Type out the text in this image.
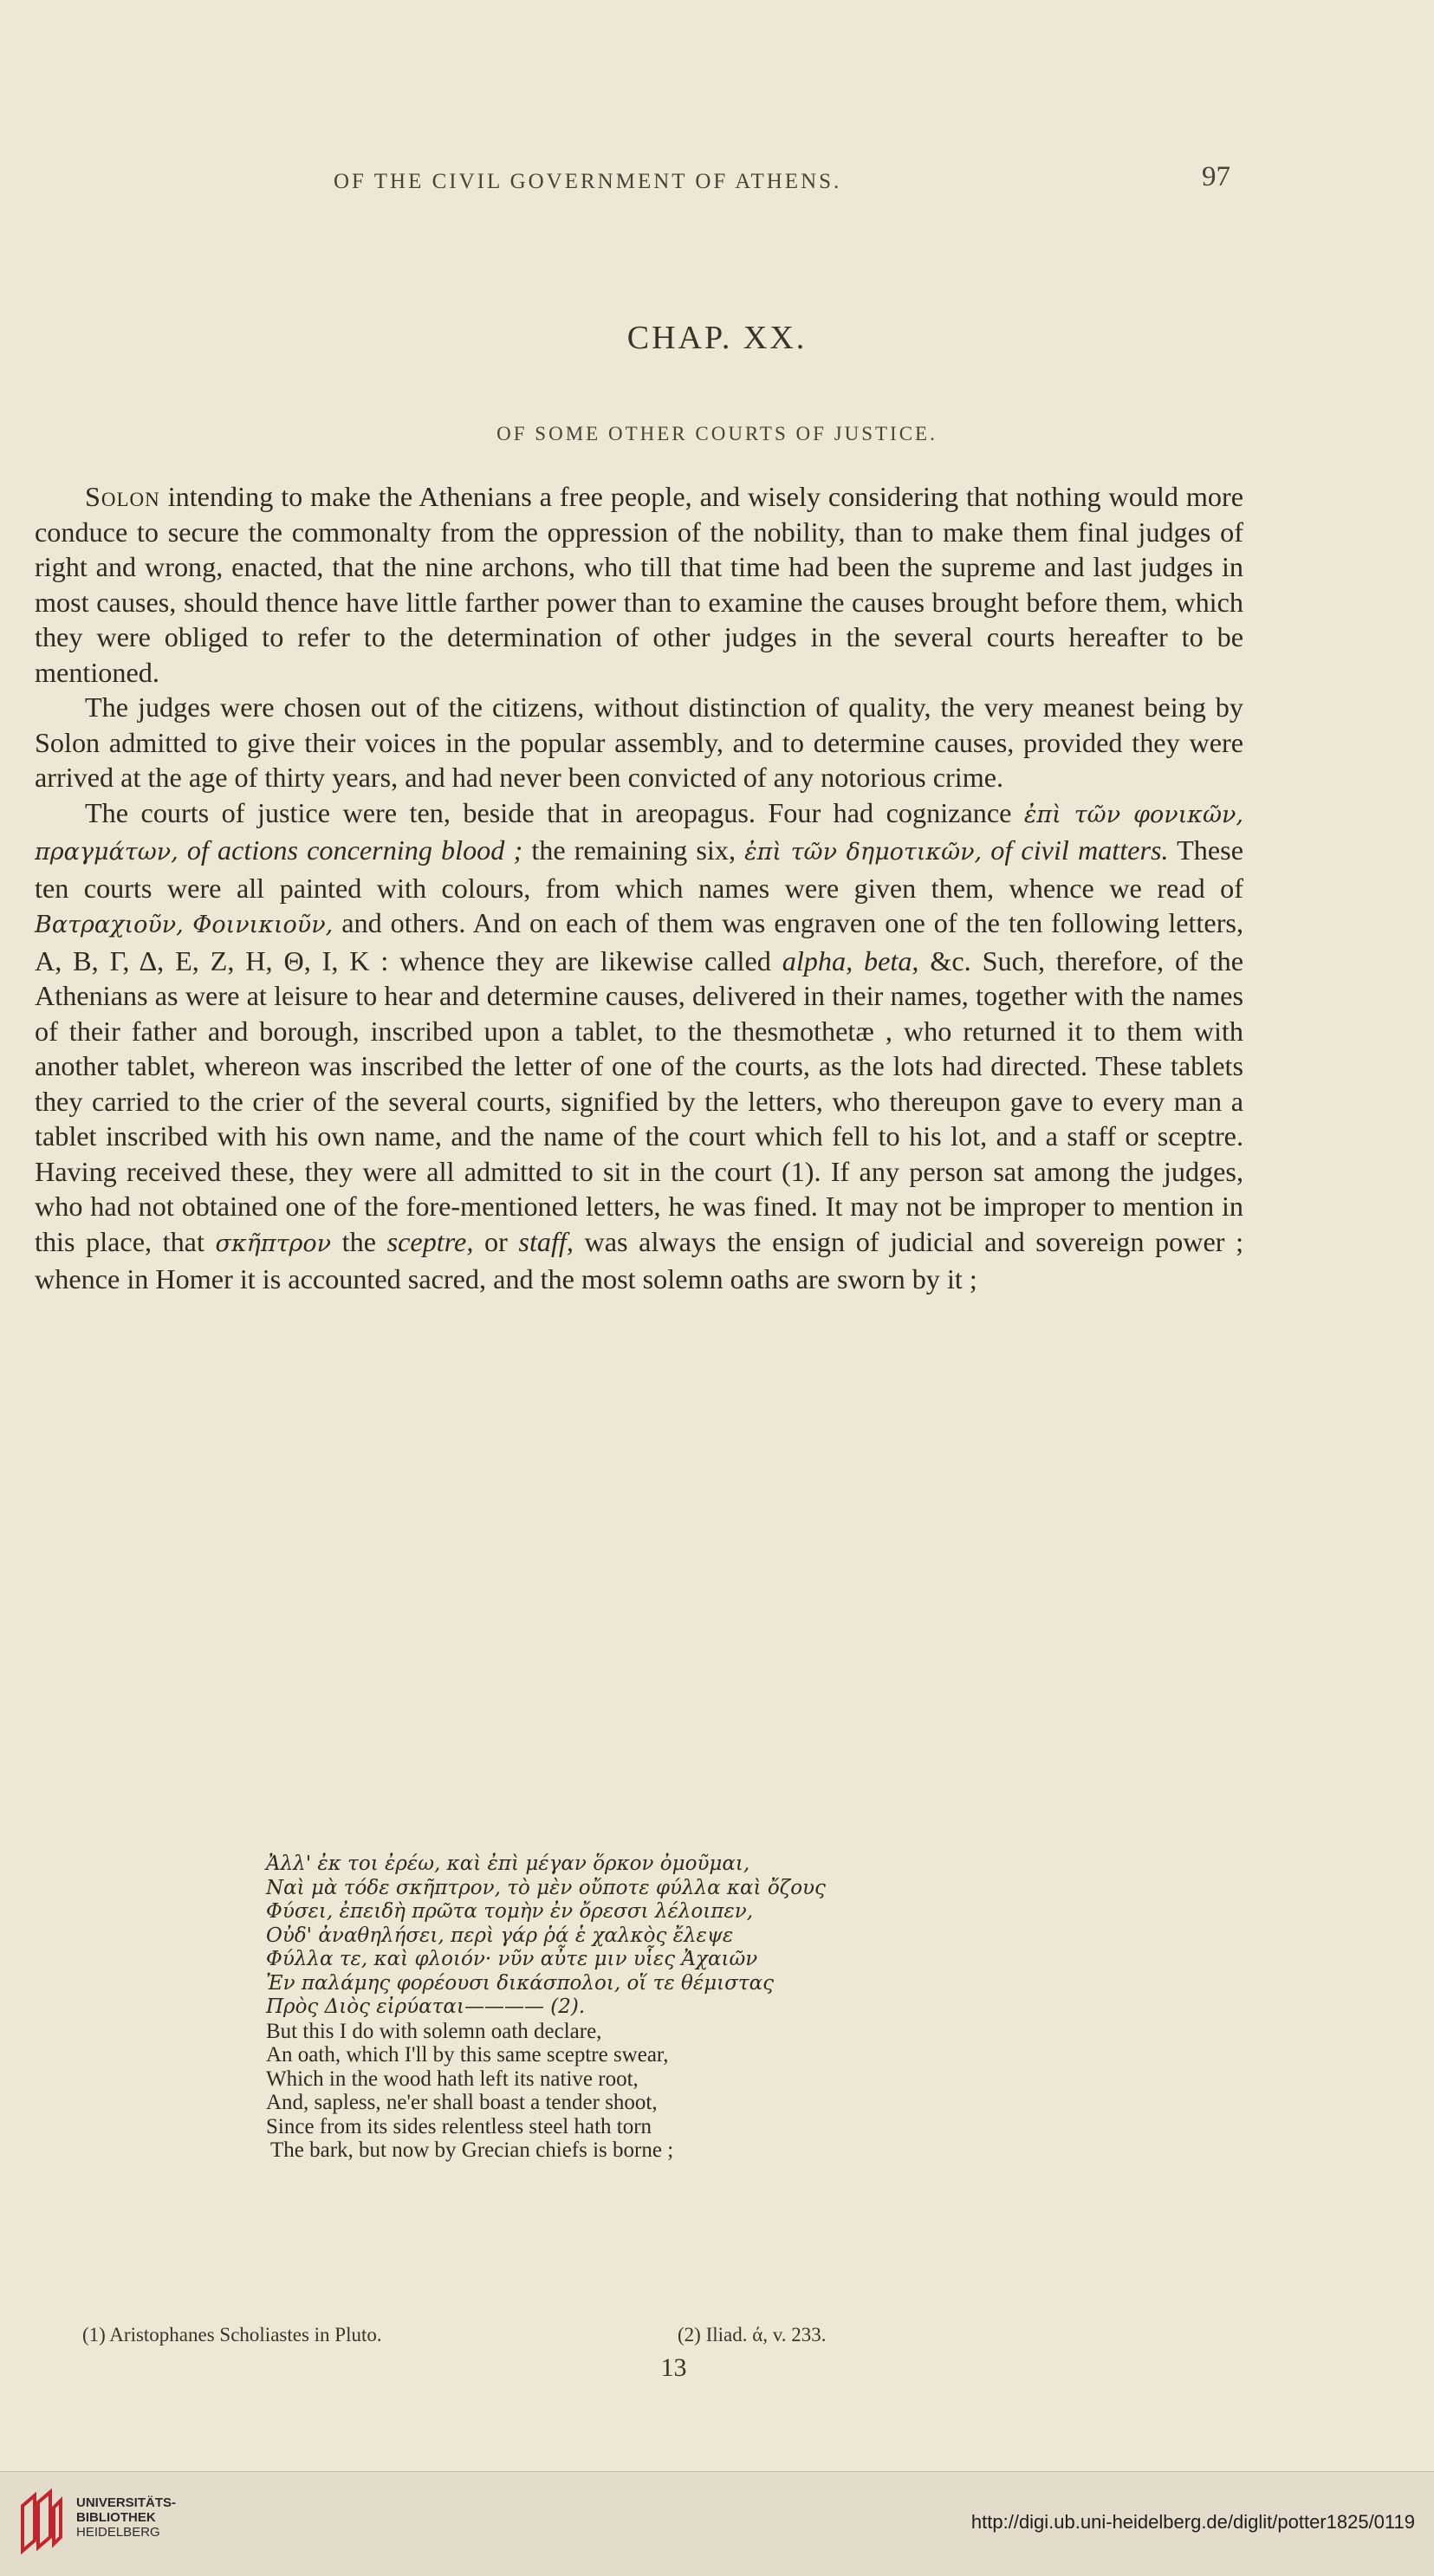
OF THE CIVIL GOVERNMENT OF ATHENS.	97
CHAP. XX.
OF SOME OTHER COURTS OF JUSTICE.

Solon intending to make the Athenians a free people, and wisely considering that nothing would more conduce to secure the commonalty from the oppression of the nobility, than to make them final judges of right and wrong, enacted, that the nine archons, who till that time had been the supreme and last judges in most causes, should thence have little farther power than to examine the causes brought before them, which they were obliged to refer to the determination of other judges in the several courts hereafter to be mentioned.

The judges were chosen out of the citizens, without distinction of quality, the very meanest being by Solon admitted to give their voices in the popular assembly, and to determine causes, provided they were arrived at the age of thirty years, and had never been convicted of any notorious crime.

The courts of justice were ten, beside that in areopagus. Four had cognizance ἐπὶ τῶν φονικῶν, πραγμάτων, of actions concerning blood ; the remaining six, ἐπὶ τῶν δημοτικῶν, of civil matters. These ten courts were all painted with colours, from which names were given them, whence we read of Βατραχιοῦν, Φοινικιοῦν, and others. And on each of them was engraven one of the ten following letters, Α, Β, Γ, Δ, Ε, Ζ, Η, Θ, Ι, Κ : whence they are likewise called alpha, beta, &c. Such, therefore, of the Athenians as were at leisure to hear and determine causes, delivered in their names, together with the names of their father and borough, inscribed upon a tablet, to the thesmothetæ , who returned it to them with another tablet, whereon was inscribed the letter of one of the courts, as the lots had directed. These tablets they carried to the crier of the several courts, signified by the letters, who thereupon gave to every man a tablet inscribed with his own name, and the name of the court which fell to his lot, and a staff or sceptre. Having received these, they were all admitted to sit in the court (1). If any person sat among the judges, who had not obtained one of the fore-mentioned letters, he was fined. It may not be improper to mention in this place, that σκῆπτρον the sceptre, or staff, was always the ensign of judicial and sovereign power ; whence in Homer it is accounted sacred, and the most solemn oaths are sworn by it ;

Ἀλλ' ἐκ τοι ἐρέω, καὶ ἐπὶ μέγαν ὅρκον ὀμοῦμαι,
Ναὶ μὰ τόδε σκῆπτρον, τὸ μὲν οὔποτε φύλλα καὶ ὄζους
Φύσει, ἐπειδὴ πρῶτα τομὴν ἐν ὄρεσσι λέλοιπεν,
Οὐδ' ἀναθηλήσει, περὶ γάρ ῥά ἑ χαλκὸς ἔλεψε
Φύλλα τε, καὶ φλοιόν· νῦν αὖτε μιν υἷες Ἀχαιῶν
Ἐν παλάμης φορέουσι δικάσπολοι, οἵ τε θέμιστας
Πρὸς Διὸς εἰρύαται———— (2).
But this I do with solemn oath declare,
An oath, which I'll by this same sceptre swear,
Which in the wood hath left its native root,
And, sapless, ne'er shall boast a tender shoot,
Since from its sides relentless steel hath torn
The bark, but now by Grecian chiefs is borne ;
(1) Aristophanes Scholiastes in Pluto.	(2) Iliad. ά, v. 233.
13
UNIVERSITÄTS-
BIBLIOTHEK
HEIDELBERG	http://digi.ub.uni-heidelberg.de/diglit/potter1825/0119
